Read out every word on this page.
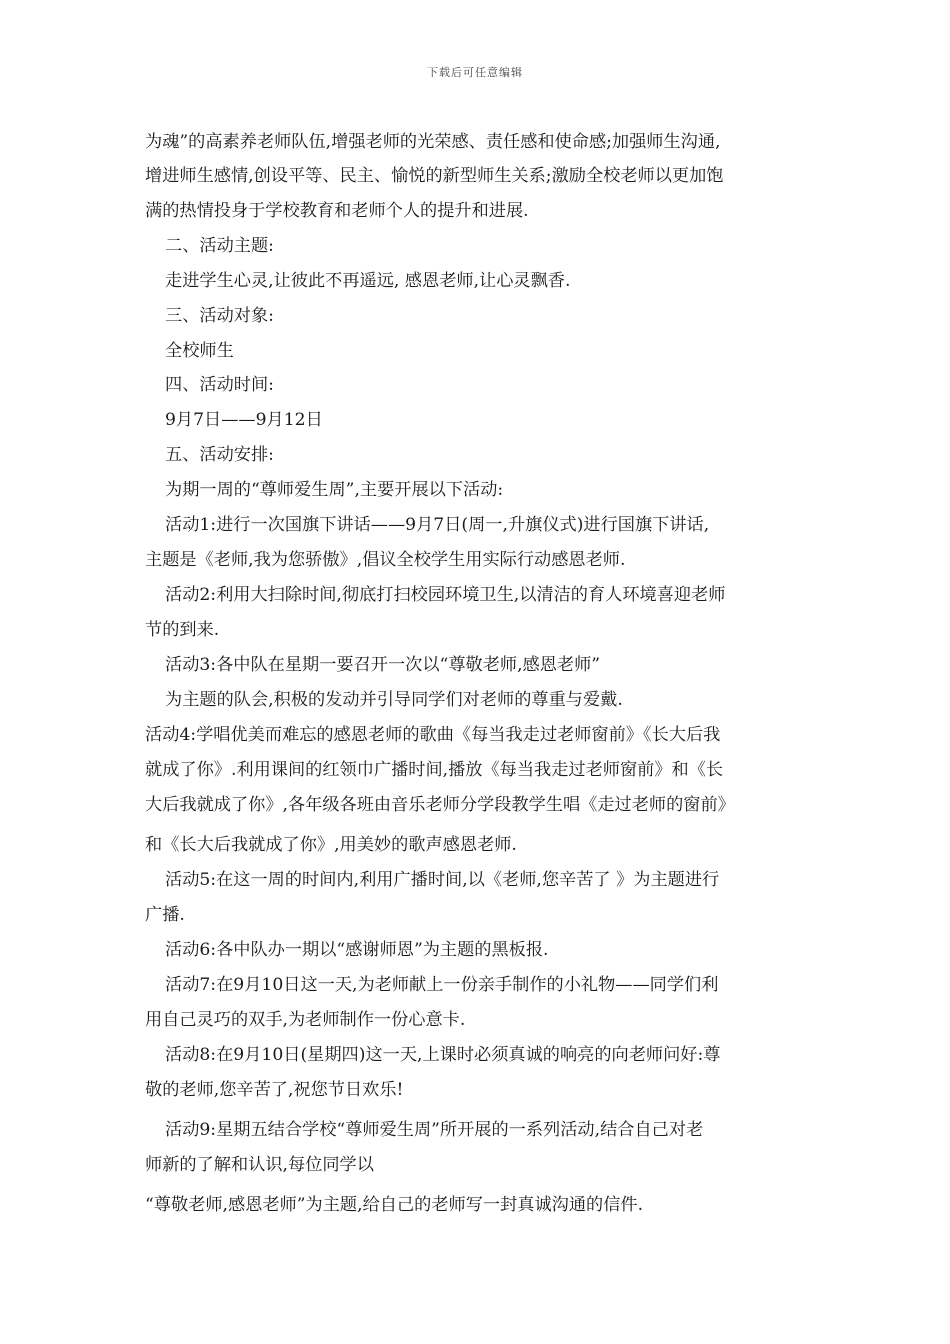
下载后可任意编辑
为魂”的高素养老师队伍,增强老师的光荣感、责任感和使命感;加强师生沟通,
增进师生感情,创设平等、民主、愉悦的新型师生关系;激励全校老师以更加饱
满的热情投身于学校教育和老师个人的提升和进展.
二、活动主题:
走进学生心灵,让彼此不再遥远, 感恩老师,让心灵飘香.
三、活动对象:
全校师生
四、活动时间:
9月7日——9月12日
五、活动安排:
为期一周的“尊师爱生周”,主要开展以下活动:
活动1:进行一次国旗下讲话——9月7日(周一,升旗仪式)进行国旗下讲话,
主题是《老师,我为您骄傲》,倡议全校学生用实际行动感恩老师.
活动2:利用大扫除时间,彻底打扫校园环境卫生,以清洁的育人环境喜迎老师
节的到来.
活动3:各中队在星期一要召开一次以“尊敬老师,感恩老师”
为主题的队会,积极的发动并引导同学们对老师的尊重与爱戴.
活动4:学唱优美而难忘的感恩老师的歌曲《每当我走过老师窗前》《长大后我
就成了你》.利用课间的红领巾广播时间,播放《每当我走过老师窗前》和《长
大后我就成了你》,各年级各班由音乐老师分学段教学生唱《走过老师的窗前》
和《长大后我就成了你》,用美妙的歌声感恩老师.
活动5:在这一周的时间内,利用广播时间,以《老师,您辛苦了 》为主题进行
广播.
活动6:各中队办一期以“感谢师恩”为主题的黑板报.
活动7:在9月10日这一天,为老师献上一份亲手制作的小礼物——同学们利
用自己灵巧的双手,为老师制作一份心意卡.
活动8:在9月10日(星期四)这一天,上课时必须真诚的响亮的向老师问好:尊
敬的老师,您辛苦了,祝您节日欢乐!
活动9:星期五结合学校“尊师爱生周”所开展的一系列活动,结合自己对老
师新的了解和认识,每位同学以
“尊敬老师,感恩老师”为主题,给自己的老师写一封真诚沟通的信件.
